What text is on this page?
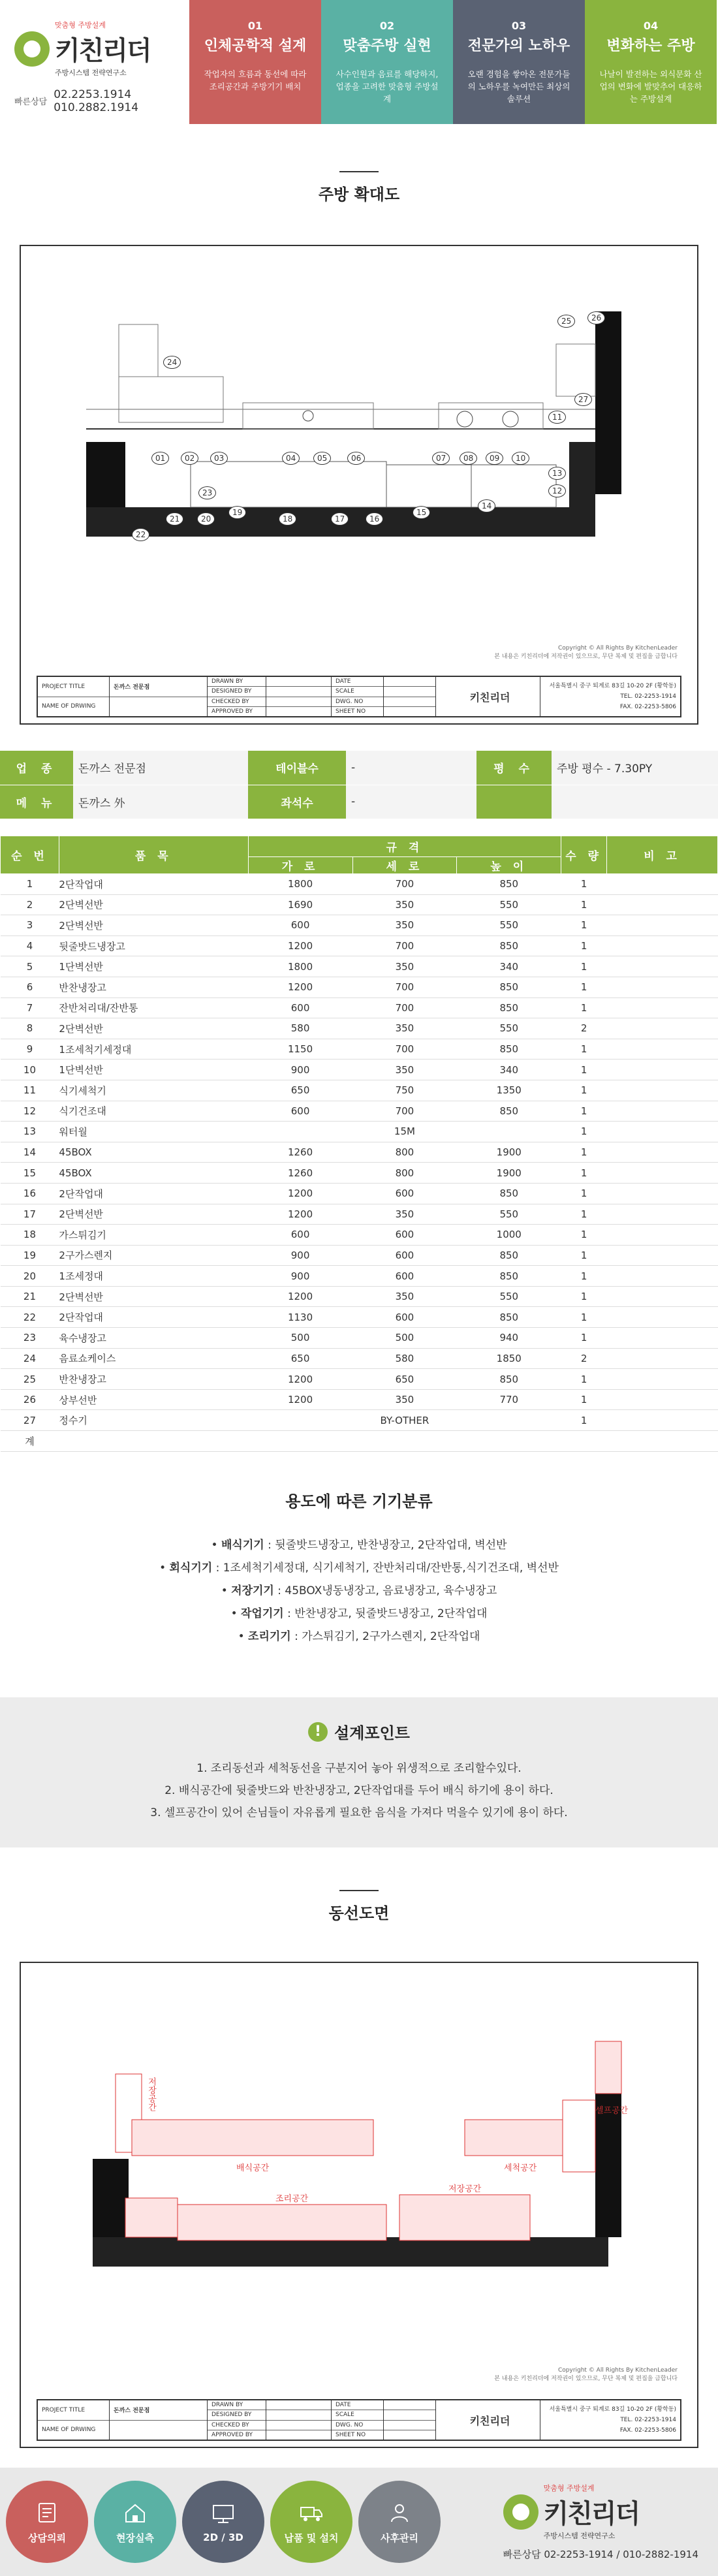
맞춤형 주방설계
키친리더
주방시스템 전략연구소
빠른상담
02.2253.1914
010.2882.1914
01
인체공학적 설계
작업자의 흐름과 동선에 따라 조리공간과 주방기기 배치
02
맞춤주방 실현
사수인원과 음료를 해당하지, 업종을 고려한 맞춤형 주방설계
03
전문가의 노하우
오랜 경험을 쌓아온 전문가들의 노하우를 녹여만든 최상의 솔루션
04
변화하는 주방
나날이 발전하는 외식문화 산업의 변화에 발맞추어 대응하는 주방설계
주방 확대도
01	02	03	04	05	06	07	08	09	10
11
12
13
14
15
16
17
18
19
20
21
22
23
24
25	26
27
Copyright © All Rights By KitchenLeader
본 내용은 키친리더에 저작권이 있으므로, 무단 복제 및 편집을 금합니다
PROJECT TITLE
NAME OF DRWING
돈까스 전문점
DRAWN BY
DESIGNED BY
CHECKED BY
APPROVED BY
DATE
SCALE
DWG. NO
SHEET NO
키친리더
서울특별시 중구 퇴계로 83길 10-20 2F (황학동)
TEL. 02-2253-1914
FAX. 02-2253-5806
업 종	돈까스 전문점	테이블수	-	평 수	주방 평수 - 7.30PY
메 뉴	돈까스 外	좌석수	-		
순 번	품 목	규 격			수 량	비 고
		가 로	세 로	높 이		
1	2단작업대	1800	700	850	1	
2	2단벽선반	1690	350	550	1	
3	2단벽선반	600	350	550	1	
4	뒷줄밧드냉장고	1200	700	850	1	
5	1단벽선반	1800	350	340	1	
6	반찬냉장고	1200	700	850	1	
7	잔반처리대/잔반통	600	700	850	1	
8	2단벽선반	580	350	550	2	
9	1조세척기세정대	1150	700	850	1	
10	1단벽선반	900	350	340	1	
11	식기세척기	650	750	1350	1	
12	식기건조대	600	700	850	1	
13	워터월	15M			1	
14	45BOX	1260	800	1900	1	
15	45BOX	1260	800	1900	1	
16	2단작업대	1200	600	850	1	
17	2단벽선반	1200	350	550	1	
18	가스튀김기	600	600	1000	1	
19	2구가스렌지	900	600	850	1	
20	1조세정대	900	600	850	1	
21	2단벽선반	1200	350	550	1	
22	2단작업대	1130	600	850	1	
23	육수냉장고	500	500	940	1	
24	음료쇼케이스	650	580	1850	2	
25	반찬냉장고	1200	650	850	1	
26	상부선반	1200	350	770	1	
27	정수기	BY-OTHER			1	
계						
용도에 따른 기기분류
• 배식기기 : 뒷줄밧드냉장고, 반찬냉장고, 2단작업대, 벽선반
• 회식기기 : 1조세척기세정대, 식기세척기, 잔반처리대/잔반통,식기건조대, 벽선반
• 저장기기 : 45BOX냉동냉장고, 음료냉장고, 육수냉장고
• 작업기기 : 반찬냉장고, 뒷줄밧드냉장고, 2단작업대
• 조리기기 : 가스튀김기, 2구가스렌지, 2단작업대
! 설계포인트
1. 조리동선과 세척동선을 구분지어 놓아 위생적으로 조리할수있다.
2. 배식공간에 뒷줄밧드와 반찬냉장고, 2단작업대를 두어 배식 하기에 용이 하다.
3. 셀프공간이 있어 손님들이 자유롭게 필요한 음식을 가져다 먹을수 있기에 용이 하다.
동선도면
배식공간	세척공간
조리공간
저장공간
셀프공간
저장공간
Copyright © All Rights By KitchenLeader
본 내용은 키친리더에 저작권이 있으므로, 무단 복제 및 편집을 금합니다
PROJECT TITLE
NAME OF DRWING
돈까스 전문점
DRAWN BY
DESIGNED BY
CHECKED BY
APPROVED BY
DATE
SCALE
DWG. NO
SHEET NO
키친리더
서울특별시 중구 퇴계로 83길 10-20 2F (황학동)
TEL. 02-2253-1914
FAX. 02-2253-5806
상담의뢰	현장실측	2D / 3D	납품 및 설치	사후관리
맞춤형 주방설계
키친리더
주방시스템 전략연구소
빠른상담 02-2253-1914 / 010-2882-1914
